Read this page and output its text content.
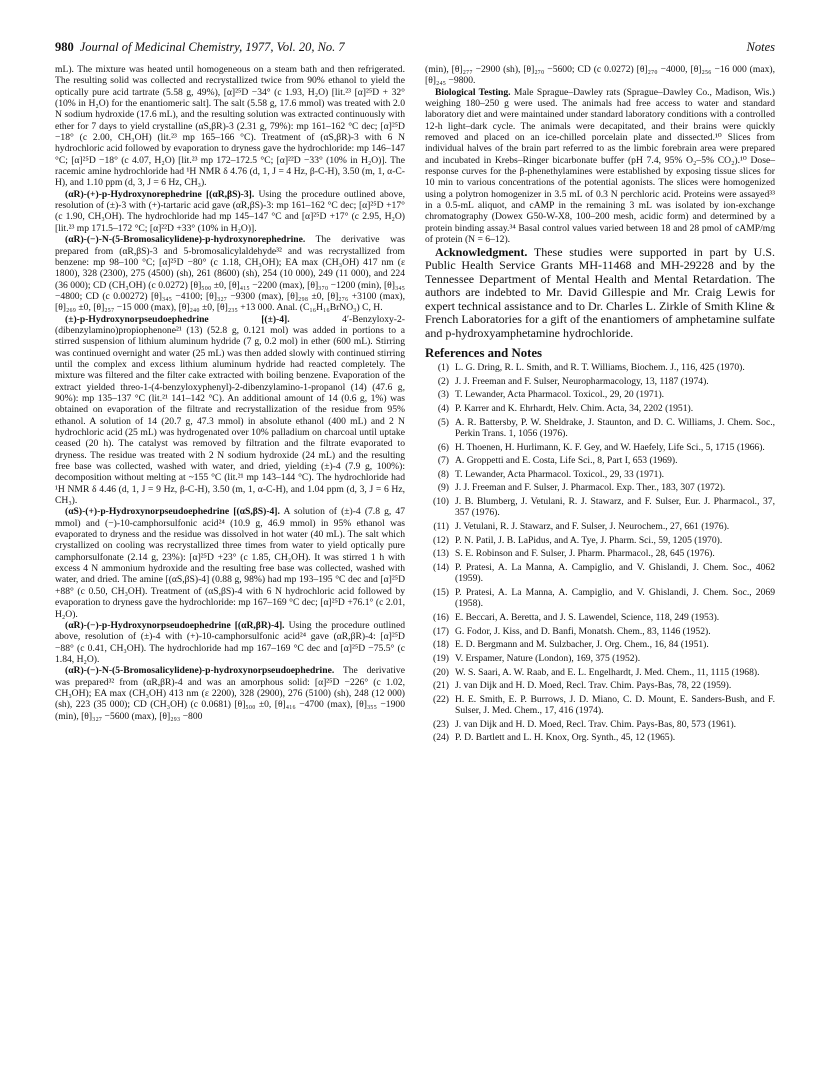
980 Journal of Medicinal Chemistry, 1977, Vol. 20, No. 7	Notes

mL). The mixture was heated until homogeneous on a steam bath and then refrigerated. The resulting solid was collected and recrystallized twice from 90% ethanol to yield the optically pure acid tartrate (5.58 g, 49%), [α]²⁵D −34° (c 1.93, H₂O) [lit.²³ [α]²⁵D + 32° (10% in H₂O) for the enantiomeric salt]. The salt (5.58 g, 17.6 mmol) was treated with 2.0 N sodium hydroxide (17.6 mL), and the resulting solution was extracted continuously with ether for 7 days to yield crystalline (αS,βR)-3 (2.31 g, 79%): mp 161–162 °C dec; [α]²⁵D −18° (c 2.00, CH₃OH) (lit.²³ mp 165–166 °C). Treatment of (αS,βR)-3 with 6 N hydrochloric acid followed by evaporation to dryness gave the hydrochloride: mp 146–147 °C; [α]²⁵D −18° (c 4.07, H₂O) [lit.²³ mp 172–172.5 °C; [α]²²D −33° (10% in H₂O)]. The racemic amine hydrochloride had ¹H NMR δ 4.76 (d, 1, J = 4 Hz, β-C-H), 3.50 (m, 1, α-C-H), and 1.10 ppm (d, 3, J = 6 Hz, CH₃).

(αR)-(+)-p-Hydroxynorephedrine [(αR,βS)-3]. Using the procedure outlined above, resolution of (±)-3 with (+)-tartaric acid gave (αR,βS)-3: mp 161–162 °C dec; [α]²⁵D +17° (c 1.90, CH₃OH). The hydrochloride had mp 145–147 °C and [α]²⁵D +17° (c 2.95, H₂O) [lit.²³ mp 171.5–172 °C; [α]²²D +33° (10% in H₂O)].

(αR)-(−)-N-(5-Bromosalicylidene)-p-hydroxynorephedrine. The derivative was prepared from (αR,βS)-3 and 5-bromosalicylaldehyde³² and was recrystallized from benzene: mp 98–100 °C; [α]²⁵D −80° (c 1.18, CH₃OH); EA max (CH₃OH) 417 nm (ε 1800), 328 (2300), 275 (4500) (sh), 261 (8600) (sh), 254 (10 000), 249 (11 000), and 224 (36 000); CD (CH₃OH) (c 0.0272) [θ]₅₀₀ ±0, [θ]₄₁₅ −2200 (max), [θ]₃₇₀ −1200 (min), [θ]₃₄₅ −4800; CD (c 0.00272) [θ]₃₄₅ −4100; [θ]₃₂₇ −9300 (max), [θ]₂₉₈ ±0, [θ]₂₇₆ +3100 (max), [θ]₂₆₉ ±0, [θ]₂₅₇ −15 000 (max), [θ]₂₄₀ ±0, [θ]₂₃₅ +13 000. Anal. (C₁₆H₁₆BrNO₃) C, H.

(±)-p-Hydroxynorpseudoephedrine [(±)-4]. 4′-Benzyloxy-2-(dibenzylamino)propiophenone²¹ (13) (52.8 g, 0.121 mol) was added in portions to a stirred suspension of lithium aluminum hydride (7 g, 0.2 mol) in ether (600 mL). Stirring was continued overnight and water (25 mL) was then added slowly with continued stirring until the complex and excess lithium aluminum hydride had reacted completely. The mixture was filtered and the filter cake extracted with boiling benzene. Evaporation of the extract yielded threo-1-(4-benzyloxyphenyl)-2-dibenzylamino-1-propanol (14) (47.6 g, 90%): mp 135–137 °C (lit.²¹ 141–142 °C). An additional amount of 14 (0.6 g, 1%) was obtained on evaporation of the filtrate and recrystallization of the residue from 95% ethanol. A solution of 14 (20.7 g, 47.3 mmol) in absolute ethanol (400 mL) and 2 N hydrochloric acid (25 mL) was hydrogenated over 10% palladium on charcoal until uptake ceased (20 h). The catalyst was removed by filtration and the filtrate evaporated to dryness. The residue was treated with 2 N sodium hydroxide (24 mL) and the resulting free base was collected, washed with water, and dried, yielding (±)-4 (7.9 g, 100%): decomposition without melting at ~155 °C (lit.²¹ mp 143–144 °C). The hydrochloride had ¹H NMR δ 4.46 (d, 1, J = 9 Hz, β-C-H), 3.50 (m, 1, α-C-H), and 1.04 ppm (d, 3, J = 6 Hz, CH₃).

(αS)-(+)-p-Hydroxynorpseudoephedrine [(αS,βS)-4]. A solution of (±)-4 (7.8 g, 47 mmol) and (−)-10-camphorsulfonic acid²⁴ (10.9 g, 46.9 mmol) in 95% ethanol was evaporated to dryness and the residue was dissolved in hot water (40 mL). The salt which crystallized on cooling was recrystallized three times from water to yield optically pure camphorsulfonate (2.14 g, 23%): [α]²⁵D +23° (c 1.85, CH₃OH). It was stirred 1 h with excess 4 N ammonium hydroxide and the resulting free base was collected, washed with water, and dried. The amine [(αS,βS)-4] (0.88 g, 98%) had mp 193–195 °C dec and [α]²⁵D +88° (c 0.50, CH₃OH). Treatment of (αS,βS)-4 with 6 N hydrochloric acid followed by evaporation to dryness gave the hydrochloride: mp 167–169 °C dec; [α]²⁵D +76.1° (c 2.01, H₂O).

(αR)-(−)-p-Hydroxynorpseudoephedrine [(αR,βR)-4]. Using the procedure outlined above, resolution of (±)-4 with (+)-10-camphorsulfonic acid²⁴ gave (αR,βR)-4: [α]²⁵D −88° (c 0.41, CH₃OH). The hydrochloride had mp 167–169 °C dec and [α]²⁵D −75.5° (c 1.84, H₂O).

(αR)-(−)-N-(5-Bromosalicylidene)-p-hydroxynorpseudoephedrine. The derivative was prepared³² from (αR,βR)-4 and was an amorphous solid: [α]²⁵D −226° (c 1.02, CH₃OH); EA max (CH₃OH) 413 nm (ε 2200), 328 (2900), 276 (5100) (sh), 248 (12 000) (sh), 223 (35 000); CD (CH₃OH) (c 0.0681) [θ]₅₀₀ ±0, [θ]₄₁₆ −4700 (max), [θ]₃₅₅ −1900 (min), [θ]₃₂₇ −5600 (max), [θ]₂₉₃ −800

(min), [θ]₂₇₇ −2900 (sh), [θ]₂₇₀ −5600; CD (c 0.0272) [θ]₂₇₀ −4000, [θ]₂₅₆ −16 000 (max), [θ]₂₄₅ −9800.

Biological Testing. Male Sprague–Dawley rats (Sprague–Dawley Co., Madison, Wis.) weighing 180–250 g were used. The animals had free access to water and standard laboratory diet and were maintained under standard laboratory conditions with a controlled 12-h light–dark cycle. The animals were decapitated, and their brains were quickly removed and placed on an ice-chilled porcelain plate and dissected.¹⁰ Slices from individual halves of the brain part referred to as the limbic forebrain area were prepared and incubated in Krebs–Ringer bicarbonate buffer (pH 7.4, 95% O₂–5% CO₂).¹⁰ Dose–response curves for the β-phenethylamines were established by exposing tissue slices for 10 min to various concentrations of the potential agonists. The slices were homogenized using a polytron homogenizer in 3.5 mL of 0.3 N perchloric acid. Proteins were assayed³³ in a 0.5-mL aliquot, and cAMP in the remaining 3 mL was isolated by ion-exchange chromatography (Dowex G50-W-X8, 100–200 mesh, acidic form) and determined by a protein binding assay.³⁴ Basal control values varied between 18 and 28 pmol of cAMP/mg of protein (N = 6–12).

Acknowledgment. These studies were supported in part by U.S. Public Health Service Grants MH-11468 and MH-29228 and by the Tennessee Department of Mental Health and Mental Retardation. The authors are indebted to Mr. David Gillespie and Mr. Craig Lewis for expert technical assistance and to Dr. Charles L. Zirkle of Smith Kline & French Laboratories for a gift of the enantiomers of amphetamine sulfate and p-hydroxyamphetamine hydrochloride.

References and Notes
(1) L. G. Dring, R. L. Smith, and R. T. Williams, Biochem. J., 116, 425 (1970).
(2) J. J. Freeman and F. Sulser, Neuropharmacology, 13, 1187 (1974).
(3) T. Lewander, Acta Pharmacol. Toxicol., 29, 20 (1971).
(4) P. Karrer and K. Ehrhardt, Helv. Chim. Acta, 34, 2202 (1951).
(5) A. R. Battersby, P. W. Sheldrake, J. Staunton, and D. C. Williams, J. Chem. Soc., Perkin Trans. 1, 1056 (1976).
(6) H. Thoenen, H. Hurlimann, K. F. Gey, and W. Haefely, Life Sci., 5, 1715 (1966).
(7) A. Groppetti and E. Costa, Life Sci., 8, Part I, 653 (1969).
(8) T. Lewander, Acta Pharmacol. Toxicol., 29, 33 (1971).
(9) J. J. Freeman and F. Sulser, J. Pharmacol. Exp. Ther., 183, 307 (1972).
(10) J. B. Blumberg, J. Vetulani, R. J. Stawarz, and F. Sulser, Eur. J. Pharmacol., 37, 357 (1976).
(11) J. Vetulani, R. J. Stawarz, and F. Sulser, J. Neurochem., 27, 661 (1976).
(12) P. N. Patil, J. B. LaPidus, and A. Tye, J. Pharm. Sci., 59, 1205 (1970).
(13) S. E. Robinson and F. Sulser, J. Pharm. Pharmacol., 28, 645 (1976).
(14) P. Pratesi, A. La Manna, A. Campiglio, and V. Ghislandi, J. Chem. Soc., 4062 (1959).
(15) P. Pratesi, A. La Manna, A. Campiglio, and V. Ghislandi, J. Chem. Soc., 2069 (1958).
(16) E. Beccari, A. Beretta, and J. S. Lawendel, Science, 118, 249 (1953).
(17) G. Fodor, J. Kiss, and D. Banfi, Monatsh. Chem., 83, 1146 (1952).
(18) E. D. Bergmann and M. Sulzbacher, J. Org. Chem., 16, 84 (1951).
(19) V. Erspamer, Nature (London), 169, 375 (1952).
(20) W. S. Saari, A. W. Raab, and E. L. Engelhardt, J. Med. Chem., 11, 1115 (1968).
(21) J. van Dijk and H. D. Moed, Recl. Trav. Chim. Pays-Bas, 78, 22 (1959).
(22) H. E. Smith, E. P. Burrows, J. D. Miano, C. D. Mount, E. Sanders-Bush, and F. Sulser, J. Med. Chem., 17, 416 (1974).
(23) J. van Dijk and H. D. Moed, Recl. Trav. Chim. Pays-Bas, 80, 573 (1961).
(24) P. D. Bartlett and L. H. Knox, Org. Synth., 45, 12 (1965).
